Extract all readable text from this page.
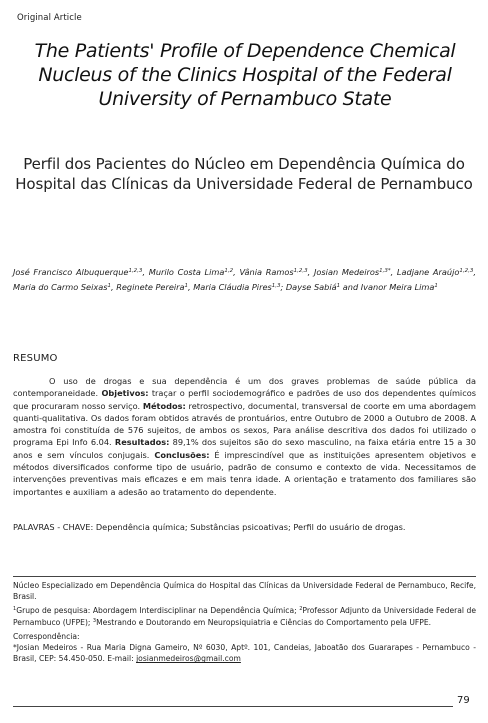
Original Article
The Patients' Profile of Dependence Chemical Nucleus of the Clinics Hospital of the Federal University of Pernambuco State
Perfil dos Pacientes do Núcleo em Dependência Química do Hospital das Clínicas da Universidade Federal de Pernambuco
José Francisco Albuquerque$^{1,2,3}$, Murilo Costa Lima$^{1,2}$, Vânia Ramos$^{1,2,3}$, Josian Medeiros$^{1,3*}$, Ladjane Araújo$^{1,2,3}$, Maria do Carmo Seixas$^1$, Reginete Pereira$^1$, Maria Cláudia Pires$^{1,3}$; Dayse Sabiá$^1$ and Ivanor Meira Lima$^1$
RESUMO
O uso de drogas e sua dependência é um dos graves problemas de saúde pública da contemporaneidade. Objetivos: traçar o perfil sociodemográfico e padrões de uso dos dependentes químicos que procuraram nosso serviço. Métodos: retrospectivo, documental, transversal de coorte em uma abordagem quanti-qualitativa. Os dados foram obtidos através de prontuários, entre Outubro de 2000 a Outubro de 2008. A amostra foi constituída de 576 sujeitos, de ambos os sexos, Para análise descritiva dos dados foi utilizado o programa Epi Info 6.04. Resultados: 89,1% dos sujeitos são do sexo masculino, na faixa etária entre 15 a 30 anos e sem vínculos conjugais. Conclusões: É imprescindível que as instituições apresentem objetivos e métodos diversificados conforme tipo de usuário, padrão de consumo e contexto de vida. Necessitamos de intervenções preventivas mais eficazes e em mais tenra idade. A orientação e tratamento dos familiares são importantes e auxiliam a adesão ao tratamento do dependente.
PALAVRAS - CHAVE: Dependência química; Substâncias psicoativas; Perfil do usuário de drogas.

Núcleo Especializado em Dependência Química do Hospital das Clínicas da Universidade Federal de Pernambuco, Recife, Brasil.

$^1$Grupo de pesquisa: Abordagem Interdisciplinar na Dependência Química; $^2$Professor Adjunto da Universidade Federal de Pernambuco (UFPE); $^3$Mestrando e Doutorando em Neuropsiquiatria e Ciências do Comportamento pela UFPE.

Correspondência:

*Josian Medeiros - Rua Maria Digna Gameiro, Nº 6030, Aptº. 101, Candeias, Jaboatão dos Guararapes - Pernambuco - Brasil, CEP: 54.450-050. E-mail: josianmedeiros@gmail.com

79
